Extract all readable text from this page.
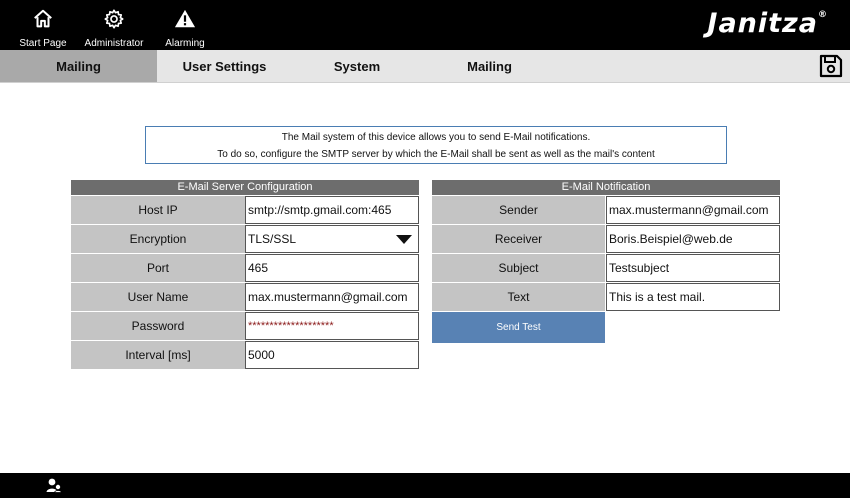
Start Page Administrator Alarming
Janitza®
Mailing	User Settings	System	Mailing
The Mail system of this device allows you to send E-Mail notifications.
To do so, configure the SMTP server by which the E-Mail shall be sent as well as the mail's content
E-Mail Server Configuration
Host IP	smtp://smtp.gmail.com:465
Encryption	TLS/SSL
Port	465
User Name	max.mustermann@gmail.com
Password	********************
Interval [ms]	5000
E-Mail Notification
Sender	max.mustermann@gmail.com
Receiver	Boris.Beispiel@web.de
Subject	Testsubject
Text	This is a test mail.
Send Test
